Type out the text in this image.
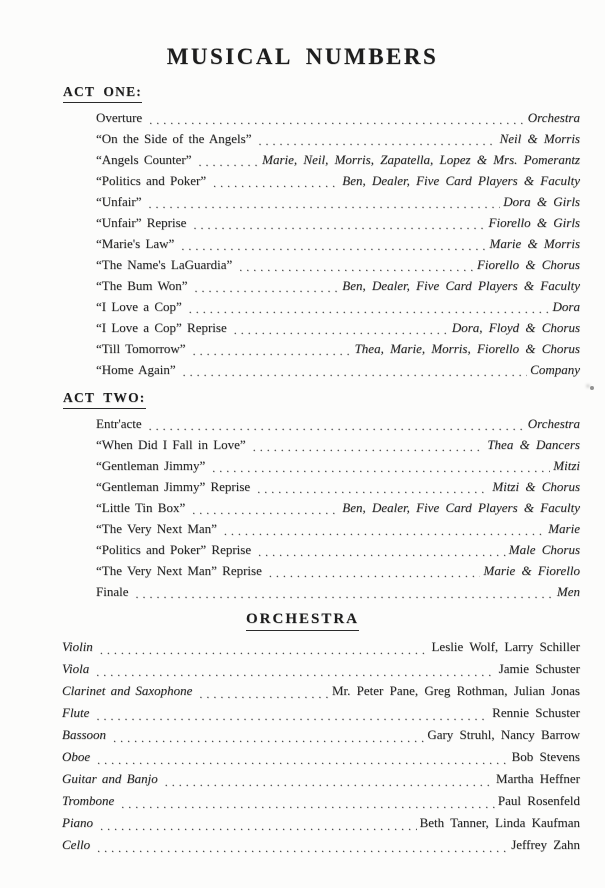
MUSICAL NUMBERS
ACT ONE:
Overture . . .	Orchestra
“On the Side of the Angels” . . .	Neil & Morris
“Angels Counter” . . .	Marie, Neil, Morris, Zapatella, Lopez & Mrs. Pomerantz
“Politics and Poker” . . .	Ben, Dealer, Five Card Players & Faculty
“Unfair” . . .	Dora & Girls
“Unfair” Reprise . . .	Fiorello & Girls
“Marie's Law” . . .	Marie & Morris
“The Name's LaGuardia” . . .	Fiorello & Chorus
“The Bum Won” . . .	Ben, Dealer, Five Card Players & Faculty
“I Love a Cop” . . .	Dora
“I Love a Cop” Reprise . . .	Dora, Floyd & Chorus
“Till Tomorrow” . . .	Thea, Marie, Morris, Fiorello & Chorus
“Home Again” . . .	Company
ACT TWO:
Entr'acte . . .	Orchestra
“When Did I Fall in Love” . . .	Thea & Dancers
“Gentleman Jimmy” . . .	Mitzi
“Gentleman Jimmy” Reprise . . .	Mitzi & Chorus
“Little Tin Box” . . .	Ben, Dealer, Five Card Players & Faculty
“The Very Next Man” . . .	Marie
“Politics and Poker” Reprise . . .	Male Chorus
“The Very Next Man” Reprise . . .	Marie & Fiorello
Finale . . .	Men
ORCHESTRA
Violin . . .	Leslie Wolf, Larry Schiller
Viola . . .	Jamie Schuster
Clarinet and Saxophone . . .	Mr. Peter Pane, Greg Rothman, Julian Jonas
Flute . . .	Rennie Schuster
Bassoon . . .	Gary Struhl, Nancy Barrow
Oboe . . .	Bob Stevens
Guitar and Banjo . . .	Martha Heffner
Trombone . . .	Paul Rosenfeld
Piano . . .	Beth Tanner, Linda Kaufman
Cello . . .	Jeffrey Zahn
